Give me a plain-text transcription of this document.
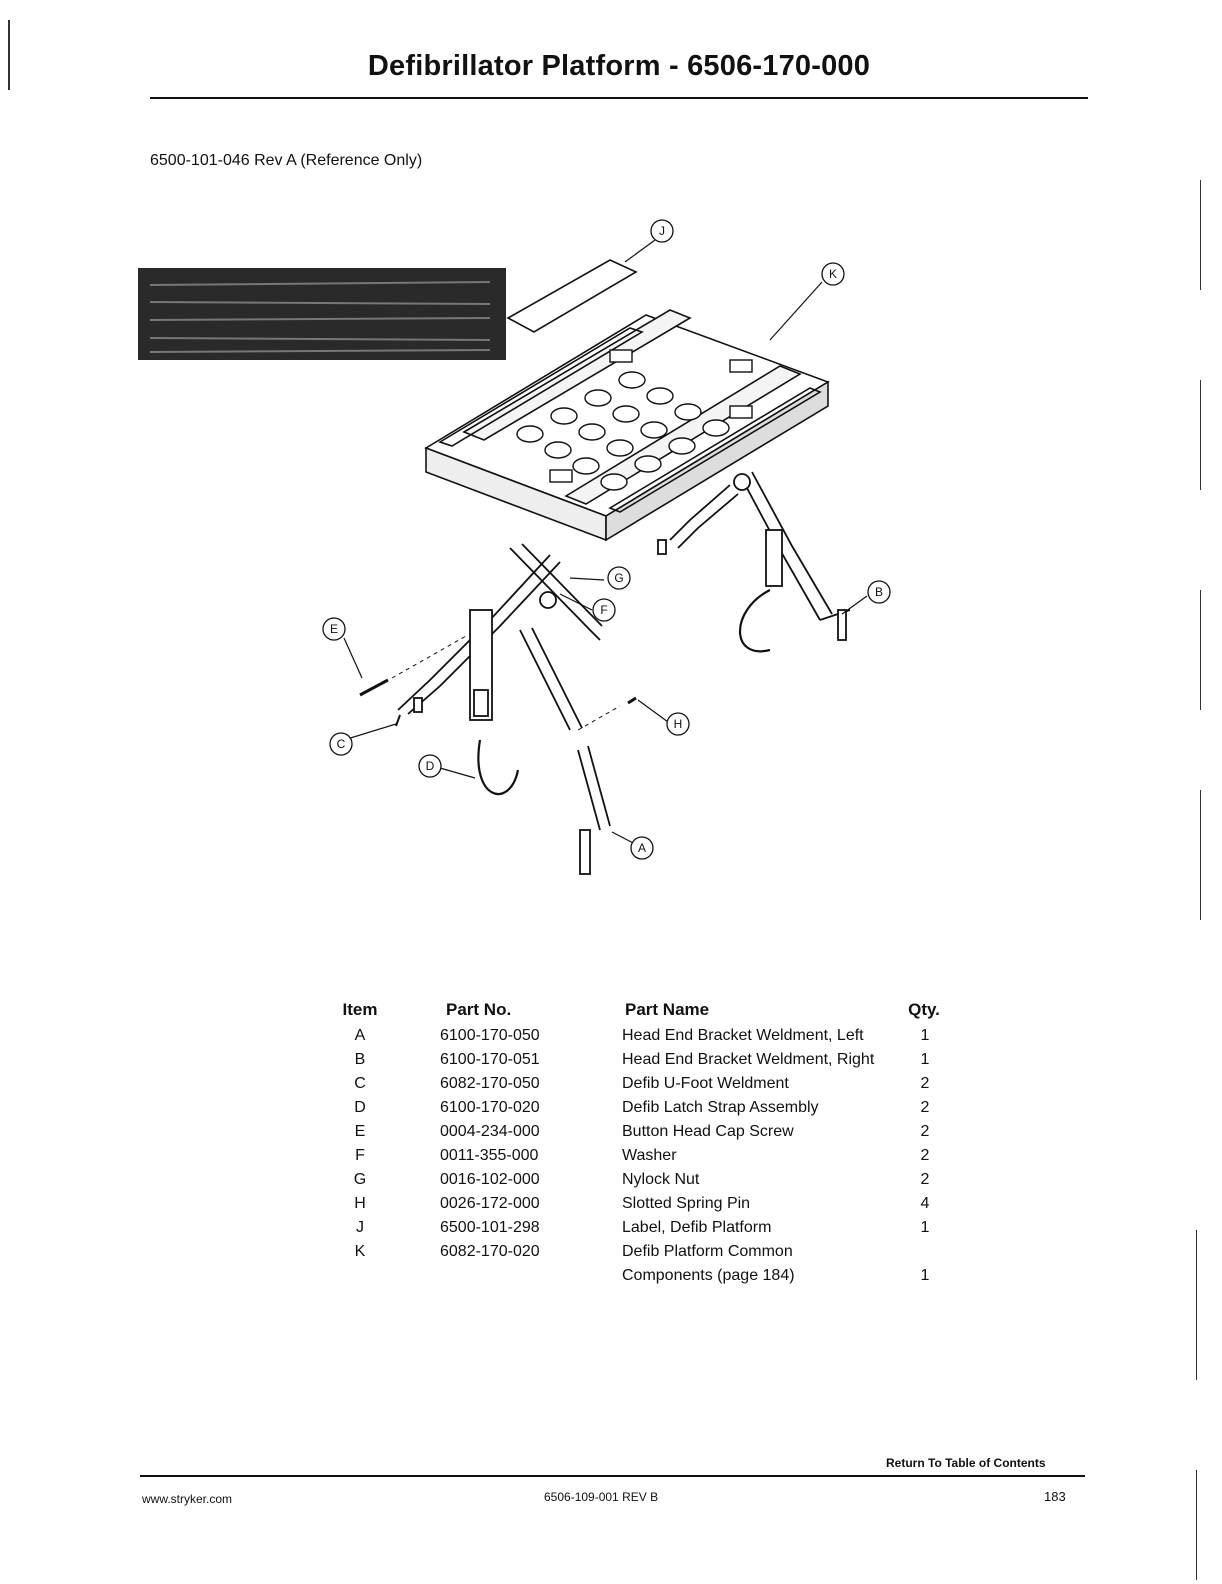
Defibrillator Platform - 6506-170-000
6500-101-046 Rev A (Reference Only)
J
K
G
F
B
E
H
C
D
A
Item	Part No.	Part Name	Qty.
A	6100-170-050	Head End Bracket Weldment, Left	1
B	6100-170-051	Head End Bracket Weldment, Right	1
C	6082-170-050	Defib U-Foot Weldment	2
D	6100-170-020	Defib Latch Strap Assembly	2
E	0004-234-000	Button Head Cap Screw	2
F	0011-355-000	Washer	2
G	0016-102-000	Nylock Nut	2
H	0026-172-000	Slotted Spring Pin	4
J	6500-101-298	Label, Defib Platform	1
K	6082-170-020	Defib Platform Common
Components (page 184)	1
Return To Table of Contents
www.stryker.com	6506-109-001 REV B	183
